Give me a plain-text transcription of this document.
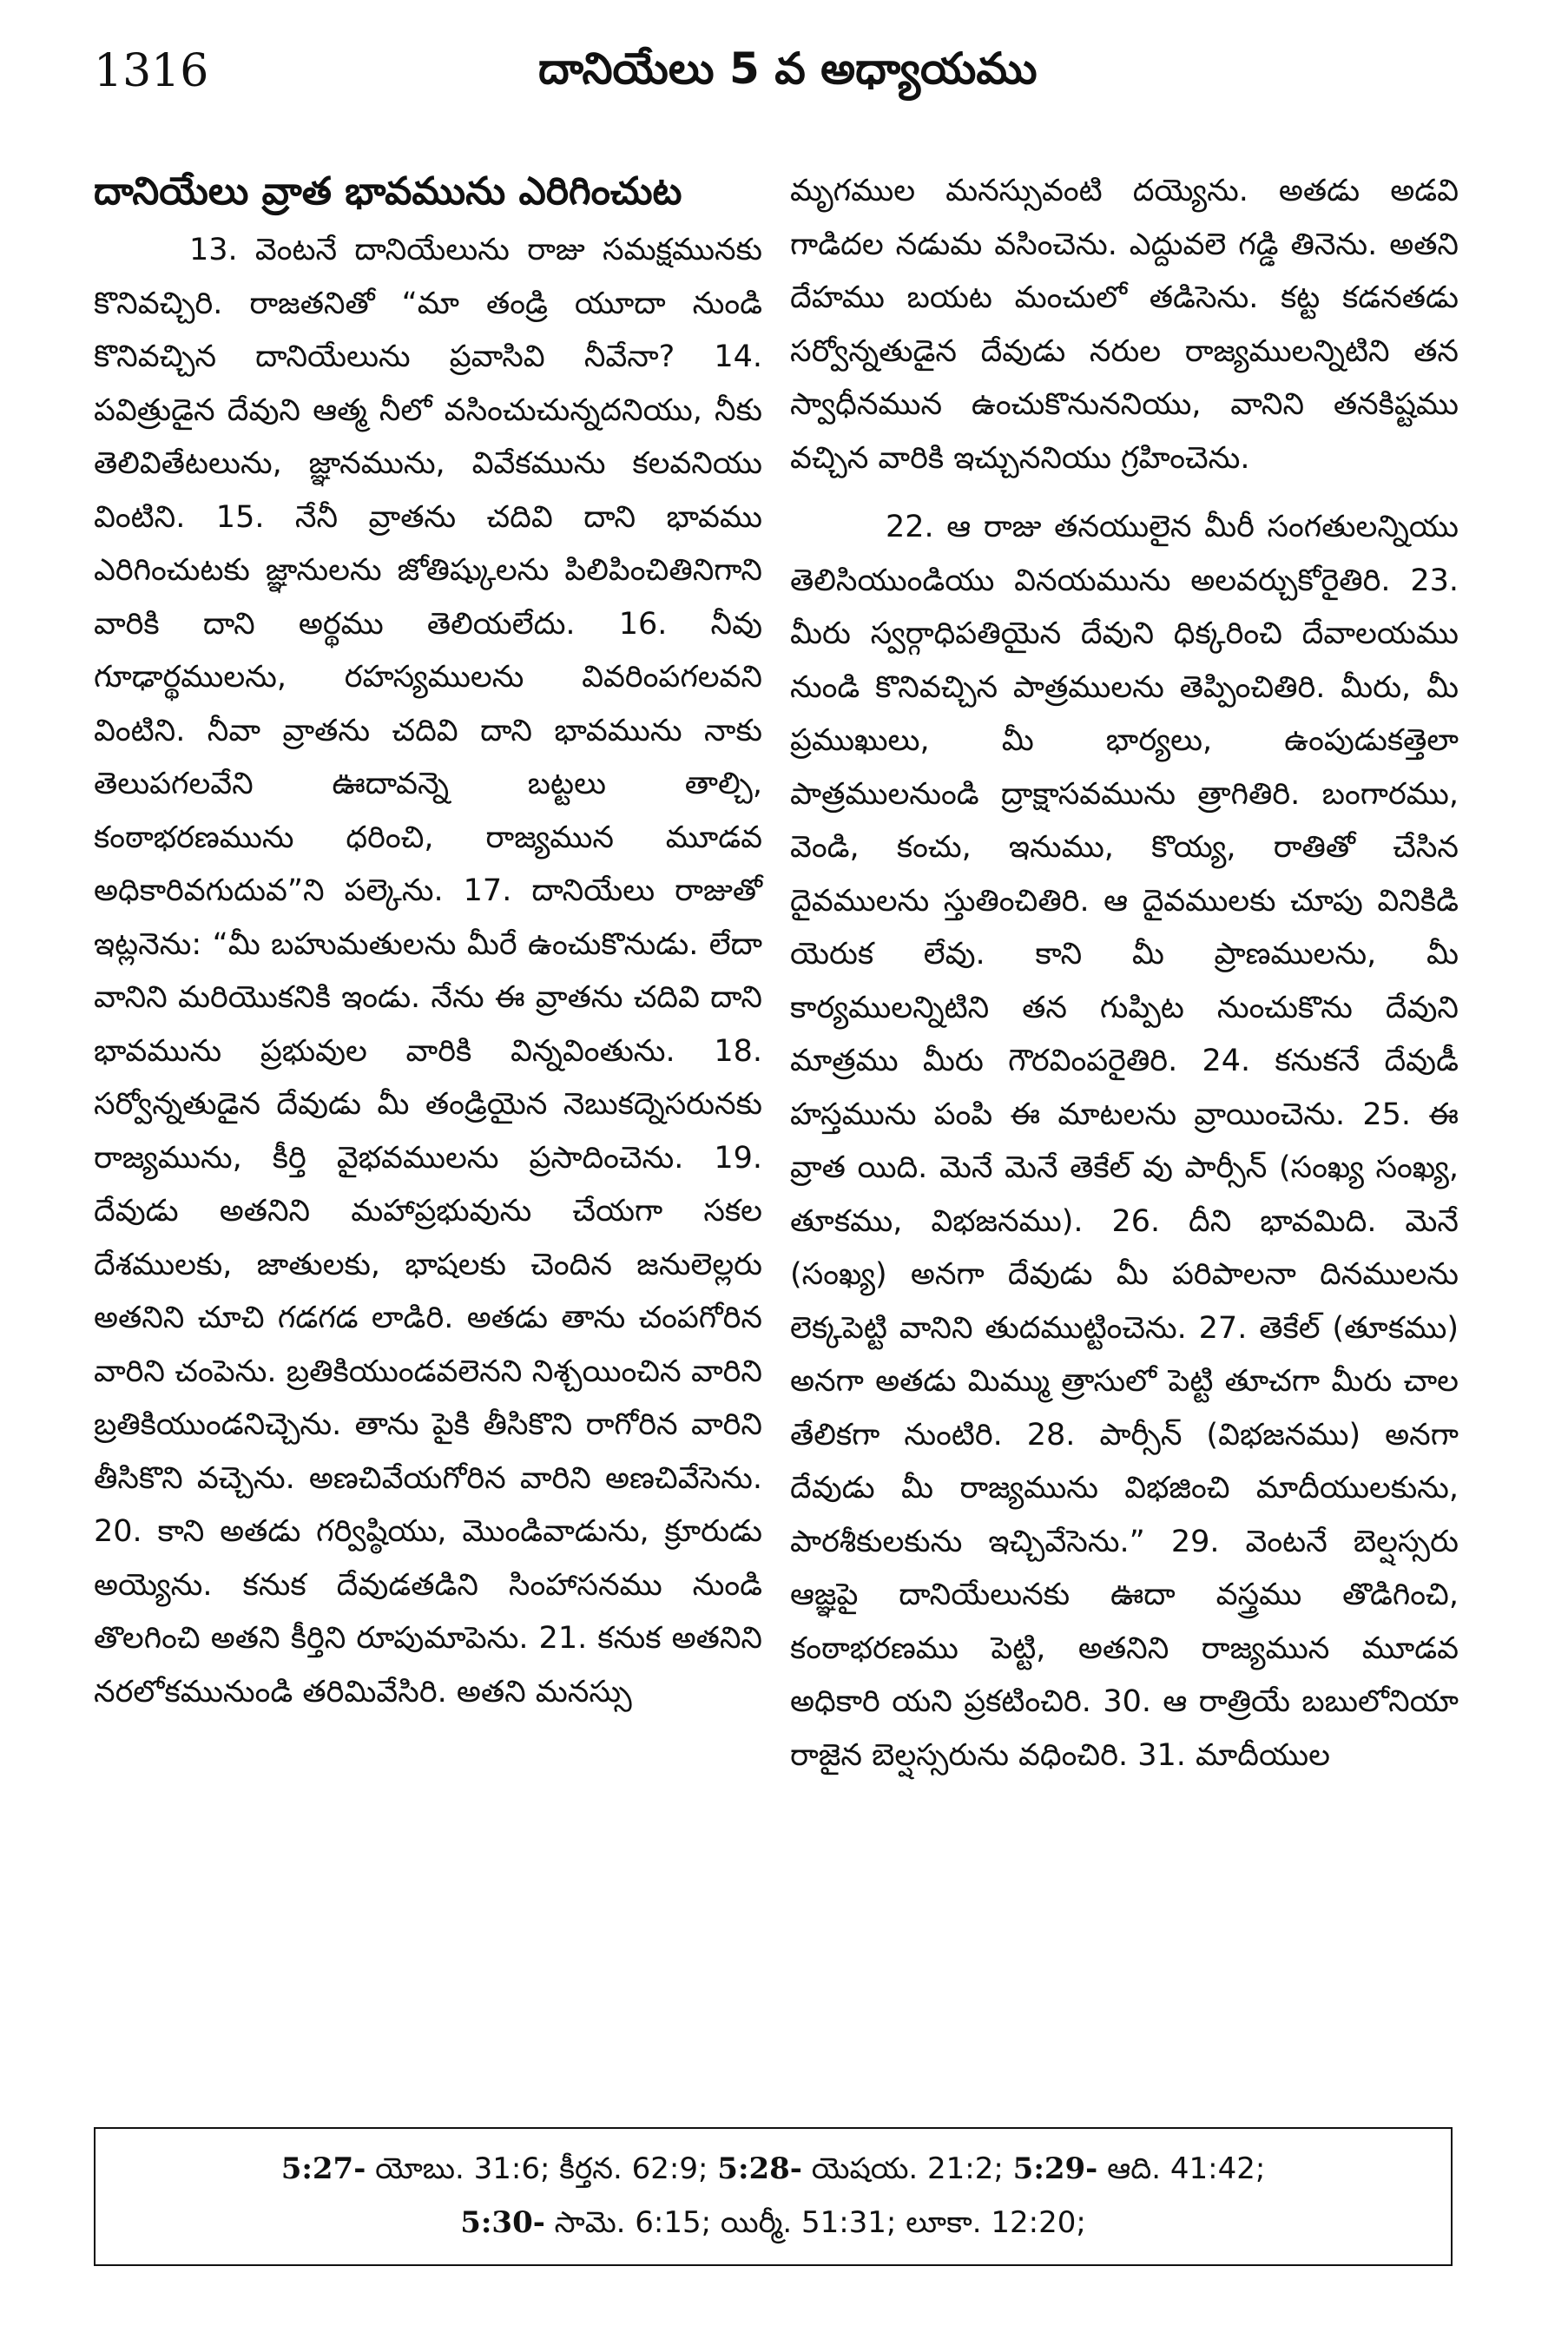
1316	దానియేలు 5 వ అధ్యాయము
దానియేలు వ్రాత భావమును ఎరిగించుట

13. వెంటనే దానియేలును రాజు సమక్షమునకు కొనివచ్చిరి. రాజతనితో “మా తండ్రి యూదా నుండి కొనివచ్చిన దానియేలును ప్రవాసివి నీవేనా? 14. పవిత్రుడైన దేవుని ఆత్మ నీలో వసించుచున్నదనియు, నీకు తెలివితేటలును, జ్ఞానమును, వివేకమును కలవనియు వింటిని. 15. నేనీ వ్రాతను చదివి దాని భావము ఎరిగించుటకు జ్ఞానులను జోతిష్కులను పిలిపించితినిగాని వారికి దాని అర్థము తెలియలేదు. 16. నీవు గూఢార్థములను, రహస్యములను వివరింపగలవని వింటిని. నీవా వ్రాతను చదివి దాని భావమును నాకు తెలుపగలవేని ఊదావన్నె బట్టలు తాల్చి, కంఠాభరణమును ధరించి, రాజ్యమున మూడవ అధికారివగుదువ”ని పల్కెను. 17. దానియేలు రాజుతో ఇట్లనెను: “మీ బహుమతులను మీరే ఉంచుకొనుడు. లేదా వానిని మరియొకనికి ఇండు. నేను ఈ వ్రాతను చదివి దాని భావమును ప్రభువుల వారికి విన్నవింతును. 18. సర్వోన్నతుడైన దేవుడు మీ తండ్రియైన నెబుకద్నెసరునకు రాజ్యమును, కీర్తి వైభవములను ప్రసాదించెను. 19. దేవుడు అతనిని మహాప్రభువును చేయగా సకల దేశములకు, జాతులకు, భాషలకు చెందిన జనులెల్లరు అతనిని చూచి గడగడ లాడిరి. అతడు తాను చంపగోరిన వారిని చంపెను. బ్రతికియుండవలెనని నిశ్చయించిన వారిని బ్రతికియుండనిచ్చెను. తాను పైకి తీసికొని రాగోరిన వారిని తీసికొని వచ్చెను. అణచివేయగోరిన వారిని అణచివేసెను. 20. కాని అతడు గర్విష్ఠియు, మొండివాడును, క్రూరుడు అయ్యెను. కనుక దేవుడతడిని సింహాసనము నుండి తొలగించి అతని కీర్తిని రూపుమాపెను. 21. కనుక అతనిని నరలోకమునుండి తరిమివేసిరి. అతని మనస్సు

మృగముల మనస్సువంటి దయ్యెను. అతడు అడవి గాడిదల నడుమ వసించెను. ఎద్దువలె గడ్డి తినెను. అతని దేహము బయట మంచులో తడిసెను. కట్ట కడనతడు సర్వోన్నతుడైన దేవుడు నరుల రాజ్యములన్నిటిని తన స్వాధీనమున ఉంచుకొనుననియు, వానిని తనకిష్టము వచ్చిన వారికి ఇచ్చుననియు గ్రహించెను.

22. ఆ రాజు తనయులైన మీరీ సంగతులన్నియు తెలిసియుండియు వినయమును అలవర్చుకోరైతిరి. 23. మీరు స్వర్గాధిపతియైన దేవుని ధిక్కరించి దేవాలయము నుండి కొనివచ్చిన పాత్రములను తెప్పించితిరి. మీరు, మీ ప్రముఖులు, మీ భార్యలు, ఉంపుడుకత్తెలా పాత్రములనుండి ద్రాక్షాసవమును త్రాగితిరి. బంగారము, వెండి, కంచు, ఇనుము, కొయ్య, రాతితో చేసిన దైవములను స్తుతించితిరి. ఆ దైవములకు చూపు వినికిడి యెరుక లేవు. కాని మీ ప్రాణములను, మీ కార్యములన్నిటిని తన గుప్పిట నుంచుకొను దేవుని మాత్రము మీరు గౌరవింపరైతిరి. 24. కనుకనే దేవుడీ హస్తమును పంపి ఈ మాటలను వ్రాయించెను. 25. ఈ వ్రాత యిది. మెనే మెనే తెకేల్ వు పార్సీన్ (సంఖ్య సంఖ్య, తూకము, విభజనము). 26. దీని భావమిది. మెనే (సంఖ్య) అనగా దేవుడు మీ పరిపాలనా దినములను లెక్కపెట్టి వానిని తుదముట్టించెను. 27. తెకేల్ (తూకము) అనగా అతడు మిమ్ము త్రాసులో పెట్టి తూచగా మీరు చాల తేలికగా నుంటిరి. 28. పార్సీన్ (విభజనము) అనగా దేవుడు మీ రాజ్యమును విభజించి మాదీయులకును, పారశీకులకును ఇచ్చివేసెను.” 29. వెంటనే బెల్షస్సరు ఆజ్ఞపై దానియేలునకు ఊదా వస్త్రము తొడిగించి, కంఠాభరణము పెట్టి, అతనిని రాజ్యమున మూడవ అధికారి యని ప్రకటించిరి. 30. ఆ రాత్రియే బబులోనియా రాజైన బెల్షస్సరును వధించిరి. 31. మాదీయుల

5:27- యోబు. 31:6; కీర్తన. 62:9; 5:28- యెషయ. 21:2; 5:29- ఆది. 41:42;
5:30- సామె. 6:15; యిర్మీ. 51:31; లూకా. 12:20;
